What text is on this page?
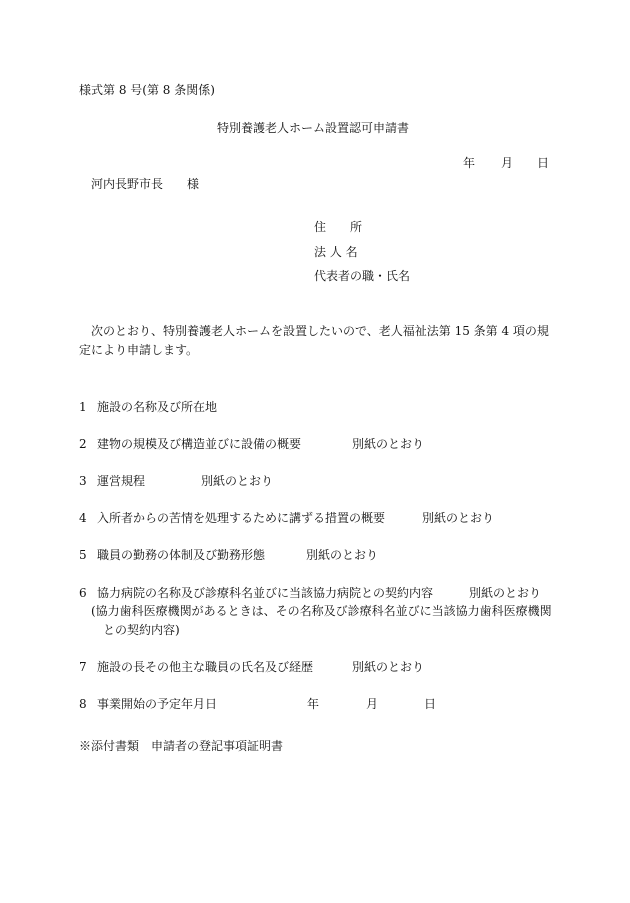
様式第 8 号(第 8 条関係)
特別養護老人ホーム設置認可申請書
年 月 日
河内長野市長　　様
住　　所
法 人 名
代表者の職・氏名
　次のとおり、特別養護老人ホームを設置したいので、老人福祉法第 15 条第 4 項の規定により申請します。
1 施設の名称及び所在地
2 建物の規模及び構造並びに設備の概要	別紙のとおり
3 運営規程	別紙のとおり
4 入所者からの苦情を処理するために講ずる措置の概要	別紙のとおり
5 職員の勤務の体制及び勤務形態	別紙のとおり
6 協力病院の名称及び診療科名並びに当該協力病院との契約内容	別紙のとおり
(協力歯科医療機関があるときは、その名称及び診療科名並びに当該協力歯科医療機関
との契約内容)
7 施設の長その他主な職員の氏名及び経歴	別紙のとおり
8 事業開始の予定年月日	年	月	日
※添付書類　申請者の登記事項証明書
